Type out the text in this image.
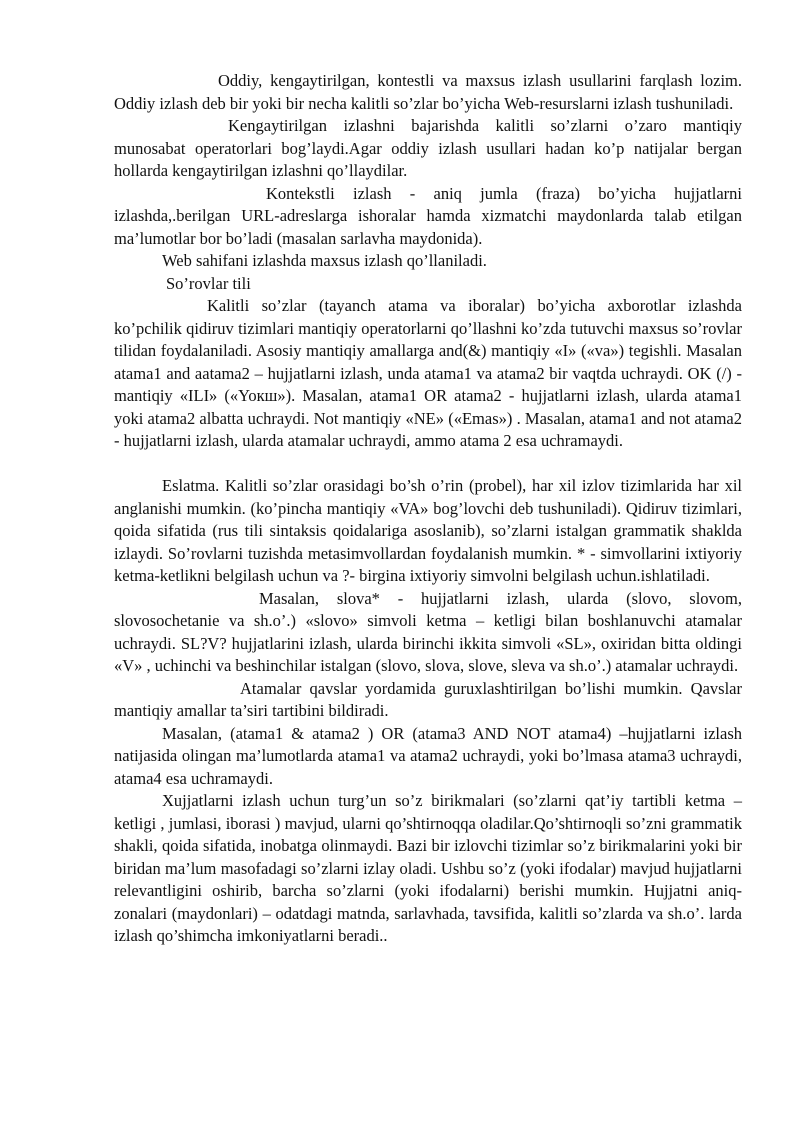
Oddiy, kengaytirilgan, kontestli va maxsus izlash usullarini farqlash lozim. Oddiy izlash deb bir yoki bir necha kalitli so’zlar bo’yicha Web-resurslarni izlash tushuniladi.

Kengaytirilgan izlashni bajarishda kalitli so’zlarni o’zaro mantiqiy munosabat operatorlari bog’laydi.Agar oddiy izlash usullari hadan ko’p natijalar bergan hollarda kengaytirilgan izlashni qo’llaydilar.

Kontekstli izlash - aniq jumla (fraza) bo’yicha hujjatlarni izlashda,.berilgan URL-adreslarga ishoralar hamda xizmatchi maydonlarda talab etilgan ma’lumotlar bor bo’ladi (masalan sarlavha maydonida).

Web sahifani izlashda maxsus izlash qo’llaniladi.

So’rovlar tili

Kalitli so’zlar (tayanch atama va iboralar) bo’yicha axborotlar izlashda ko’pchilik qidiruv tizimlari mantiqiy operatorlarni qo’llashni ko’zda tutuvchi maxsus so’rovlar tilidan foydalaniladi. Asosiy mantiqiy amallarga and(&) mantiqiy «I» («va») tegishli. Masalan atama1 and aatama2 – hujjatlarni izlash, unda atama1 va atama2 bir vaqtda uchraydi. OK (/) - mantiqiy «ILI» («Yoкш»). Masalan, atama1 OR atama2 - hujjatlarni izlash, ularda atama1 yoki atama2 albatta uchraydi. Not mantiqiy «NE» («Emas») . Masalan, atama1 and not atama2 - hujjatlarni izlash, ularda atamalar uchraydi, ammo atama 2 esa uchramaydi.

Eslatma. Kalitli so’zlar orasidagi bo’sh o’rin (probel), har xil izlov tizimlarida har xil anglanishi mumkin. (ko’pincha mantiqiy «VA» bog’lovchi deb tushuniladi). Qidiruv tizimlari, qoida sifatida (rus tili sintaksis qoidalariga asoslanib), so’zlarni istalgan grammatik shaklda izlaydi. So’rovlarni tuzishda metasimvollardan foydalanish mumkin. * - simvollarini ixtiyoriy ketma-ketlikni belgilash uchun va ?- birgina ixtiyoriy simvolni belgilash uchun.ishlatiladi.

Masalan, slova* - hujjatlarni izlash, ularda (slovo, slovom, slovosochetanie va sh.o’.) «slovo» simvoli ketma – ketligi bilan boshlanuvchi atamalar uchraydi. SL?V? hujjatlarini izlash, ularda birinchi ikkita simvoli «SL», oxiridan bitta oldingi «V» , uchinchi va beshinchilar istalgan (slovo, slova, slove, sleva va sh.o’.) atamalar uchraydi.

Atamalar qavslar yordamida guruxlashtirilgan bo’lishi mumkin. Qavslar mantiqiy amallar ta’siri tartibini bildiradi.

Masalan, (atama1 & atama2 ) OR (atama3 AND NOT atama4) –hujjatlarni izlash natijasida olingan ma’lumotlarda atama1 va atama2 uchraydi, yoki bo’lmasa atama3 uchraydi, atama4 esa uchramaydi.

Xujjatlarni izlash uchun turg’un so’z birikmalari (so’zlarni qat’iy tartibli ketma – ketligi , jumlasi, iborasi ) mavjud, ularni qo’shtirnoqqa oladilar.Qo’shtirnoqli so’zni grammatik shakli, qoida sifatida, inobatga olinmaydi. Bazi bir izlovchi tizimlar so’z birikmalarini yoki bir biridan ma’lum masofadagi so’zlarni izlay oladi. Ushbu so’z (yoki ifodalar) mavjud hujjatlarni relevantligini oshirib, barcha so’zlarni (yoki ifodalarni) berishi mumkin. Hujjatni aniq- zonalari (maydonlari) – odatdagi matnda, sarlavhada, tavsifida, kalitli so’zlarda va sh.o’. larda izlash qo’shimcha imkoniyatlarni beradi..
